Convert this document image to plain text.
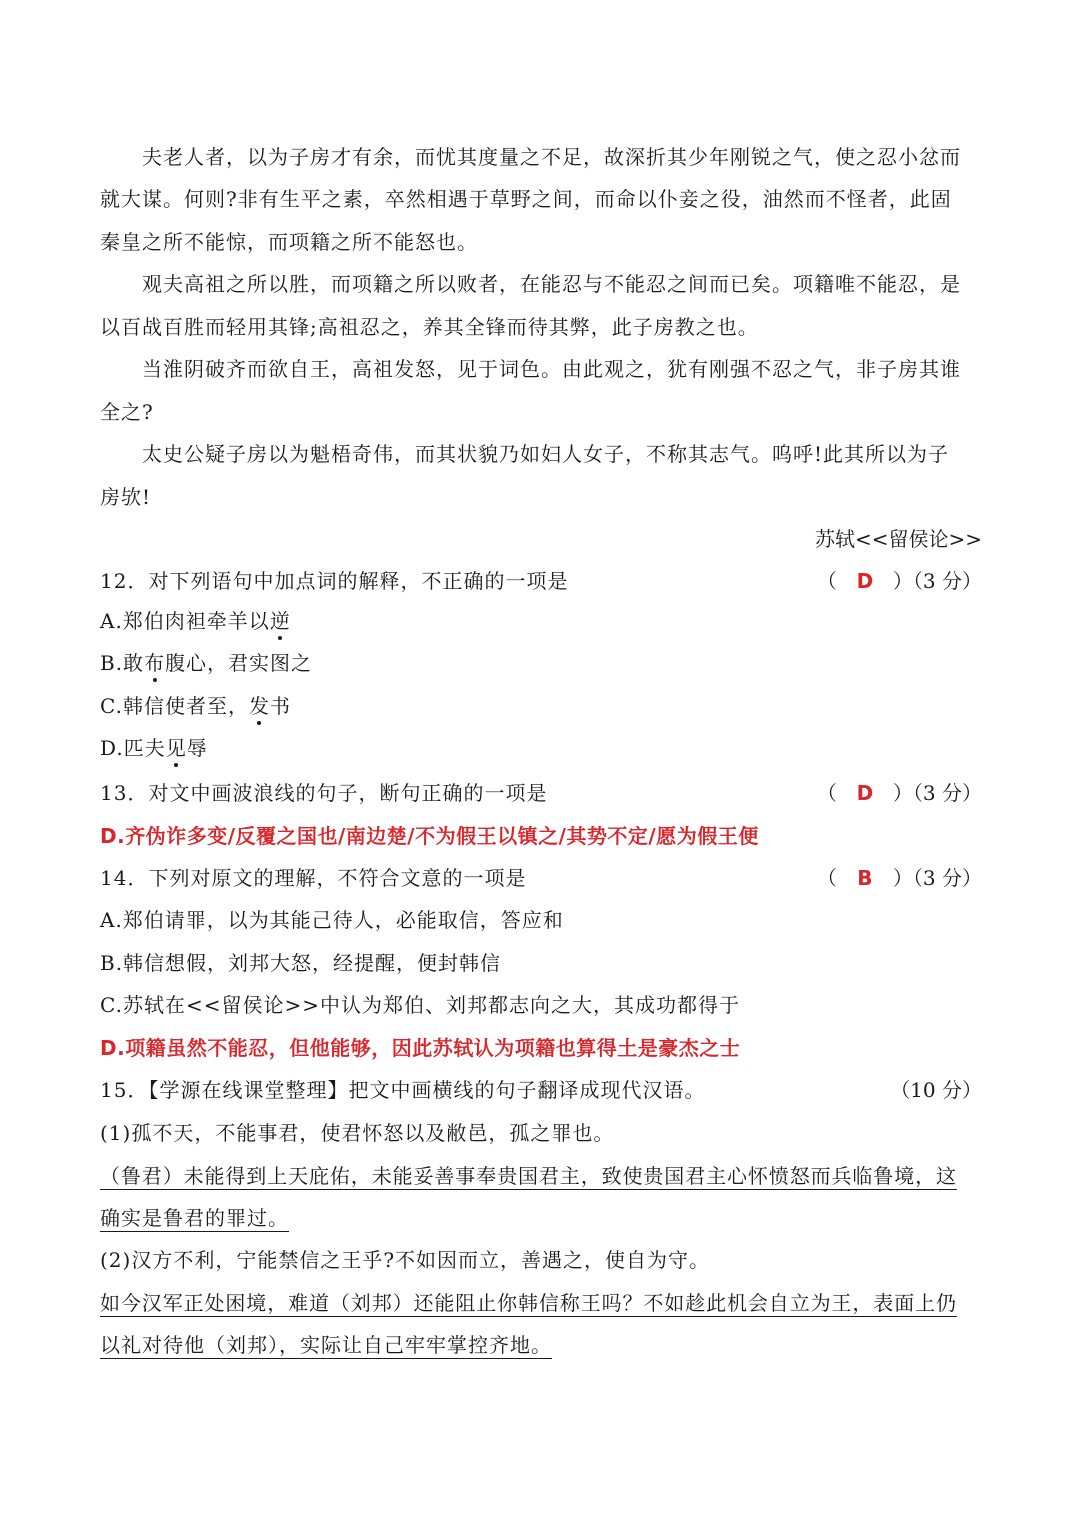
夫老人者，以为子房才有余，而忧其度量之不足，故深折其少年刚锐之气，使之忍小忿而
就大谋。何则?非有生平之素，卒然相遇于草野之间，而命以仆妾之役，油然而不怪者，此固
秦皇之所不能惊，而项籍之所不能怒也。
观夫高祖之所以胜，而项籍之所以败者，在能忍与不能忍之间而已矣。项籍唯不能忍，是
以百战百胜而轻用其锋;高祖忍之，养其全锋而待其弊，此子房教之也。
当淮阴破齐而欲自王，高祖发怒，见于词色。由此观之，犹有刚强不忍之气，非子房其谁
全之?
太史公疑子房以为魁梧奇伟，而其状貌乃如妇人女子，不称其志气。呜呼!此其所以为子
房欤!
苏轼<<留侯论>>
12．对下列语句中加点词的解释，不正确的一项是	（ D ）（3 分）
A.郑伯肉袒牵羊以逆
B.敢布腹心，君实图之
C.韩信使者至，发书
D.匹夫见辱
13．对文中画波浪线的句子，断句正确的一项是	（ D ）（3 分）
D.齐伪诈多变/反覆之国也/南边楚/不为假王以镇之/其势不定/愿为假王便
14．下列对原文的理解，不符合文意的一项是	（ B ）（3 分）
A.郑伯请罪，以为其能己待人，必能取信，答应和
B.韩信想假，刘邦大怒，经提醒，便封韩信
C.苏轼在<<留侯论>>中认为郑伯、刘邦都志向之大，其成功都得于
D.项籍虽然不能忍，但他能够，因此苏轼认为项籍也算得土是豪杰之士
15．【学源在线课堂整理】把文中画横线的句子翻译成现代汉语。	（10 分）
(1)孤不天，不能事君，使君怀怒以及敝邑，孤之罪也。
（鲁君）未能得到上天庇佑，未能妥善事奉贵国君主，致使贵国君主心怀愤怒而兵临鲁境，这
确实是鲁君的罪过。
(2)汉方不利，宁能禁信之王乎?不如因而立，善遇之，使自为守。
如今汉军正处困境，难道（刘邦）还能阻止你韩信称王吗？不如趁此机会自立为王，表面上仍
以礼对待他（刘邦），实际让自己牢牢掌控齐地。
